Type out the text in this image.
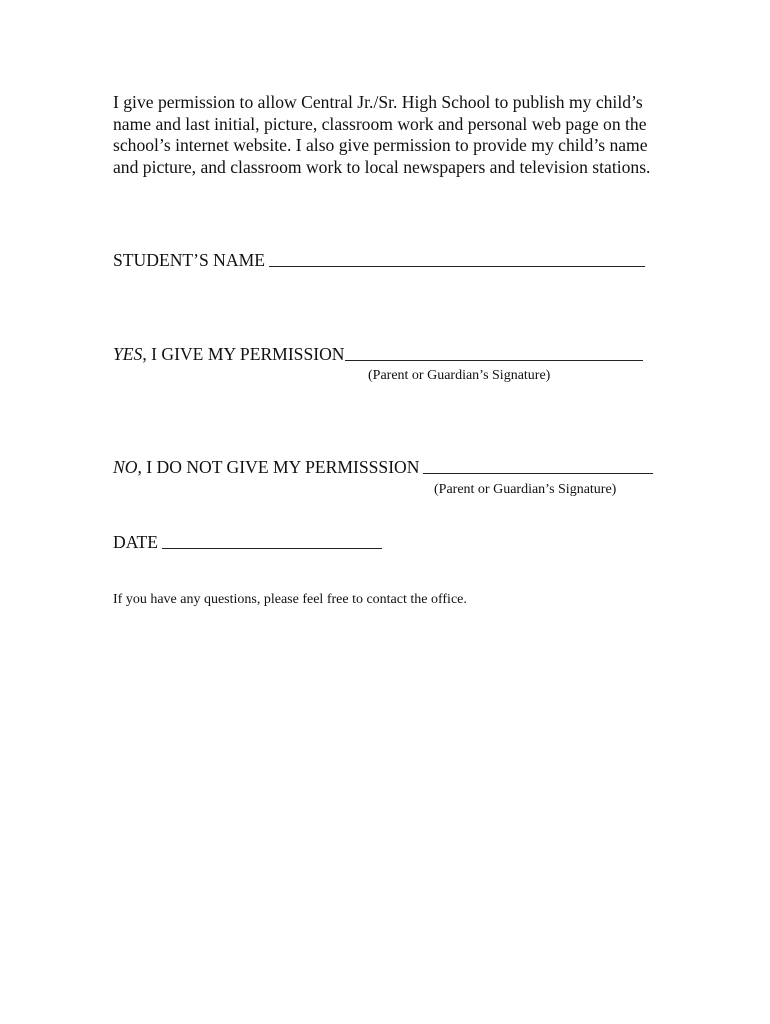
I give permission to allow Central Jr./Sr. High School to publish my child’s
name and last initial, picture, classroom work and personal web page on the
school’s internet website. I also give permission to provide my child’s name
and picture, and classroom work to local newspapers and television stations.

STUDENT’S NAME
YES , I GIVE MY PERMISSION
(Parent or Guardian’s Signature)
NO , I DO NOT GIVE MY PERMISSSION
(Parent or Guardian’s Signature)
DATE
If you have any questions, please feel free to contact the office.
